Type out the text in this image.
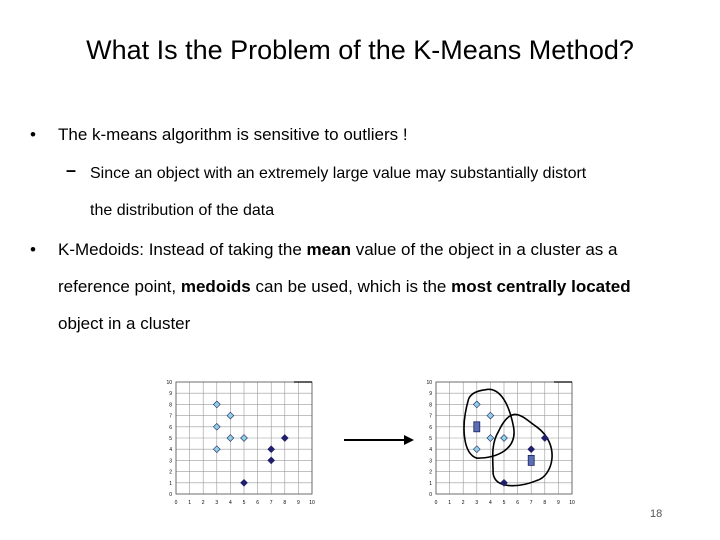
What Is the Problem of the K-Means Method?
• The k-means algorithm is sensitive to outliers !
– Since an object with an extremely large value may substantially distort
the distribution of the data
• K-Medoids: Instead of taking the mean value of the object in a cluster as a
reference point, medoids can be used, which is the most centrally located
object in a cluster
0 1 2 3 4 5 6 7 8 9 10
0
1
2
3
4
5
6
7
8
9
10
0 1 2 3 4 5 6 7 8 9 10
0
1
2
3
4
5
6
7
8
9
10
18
